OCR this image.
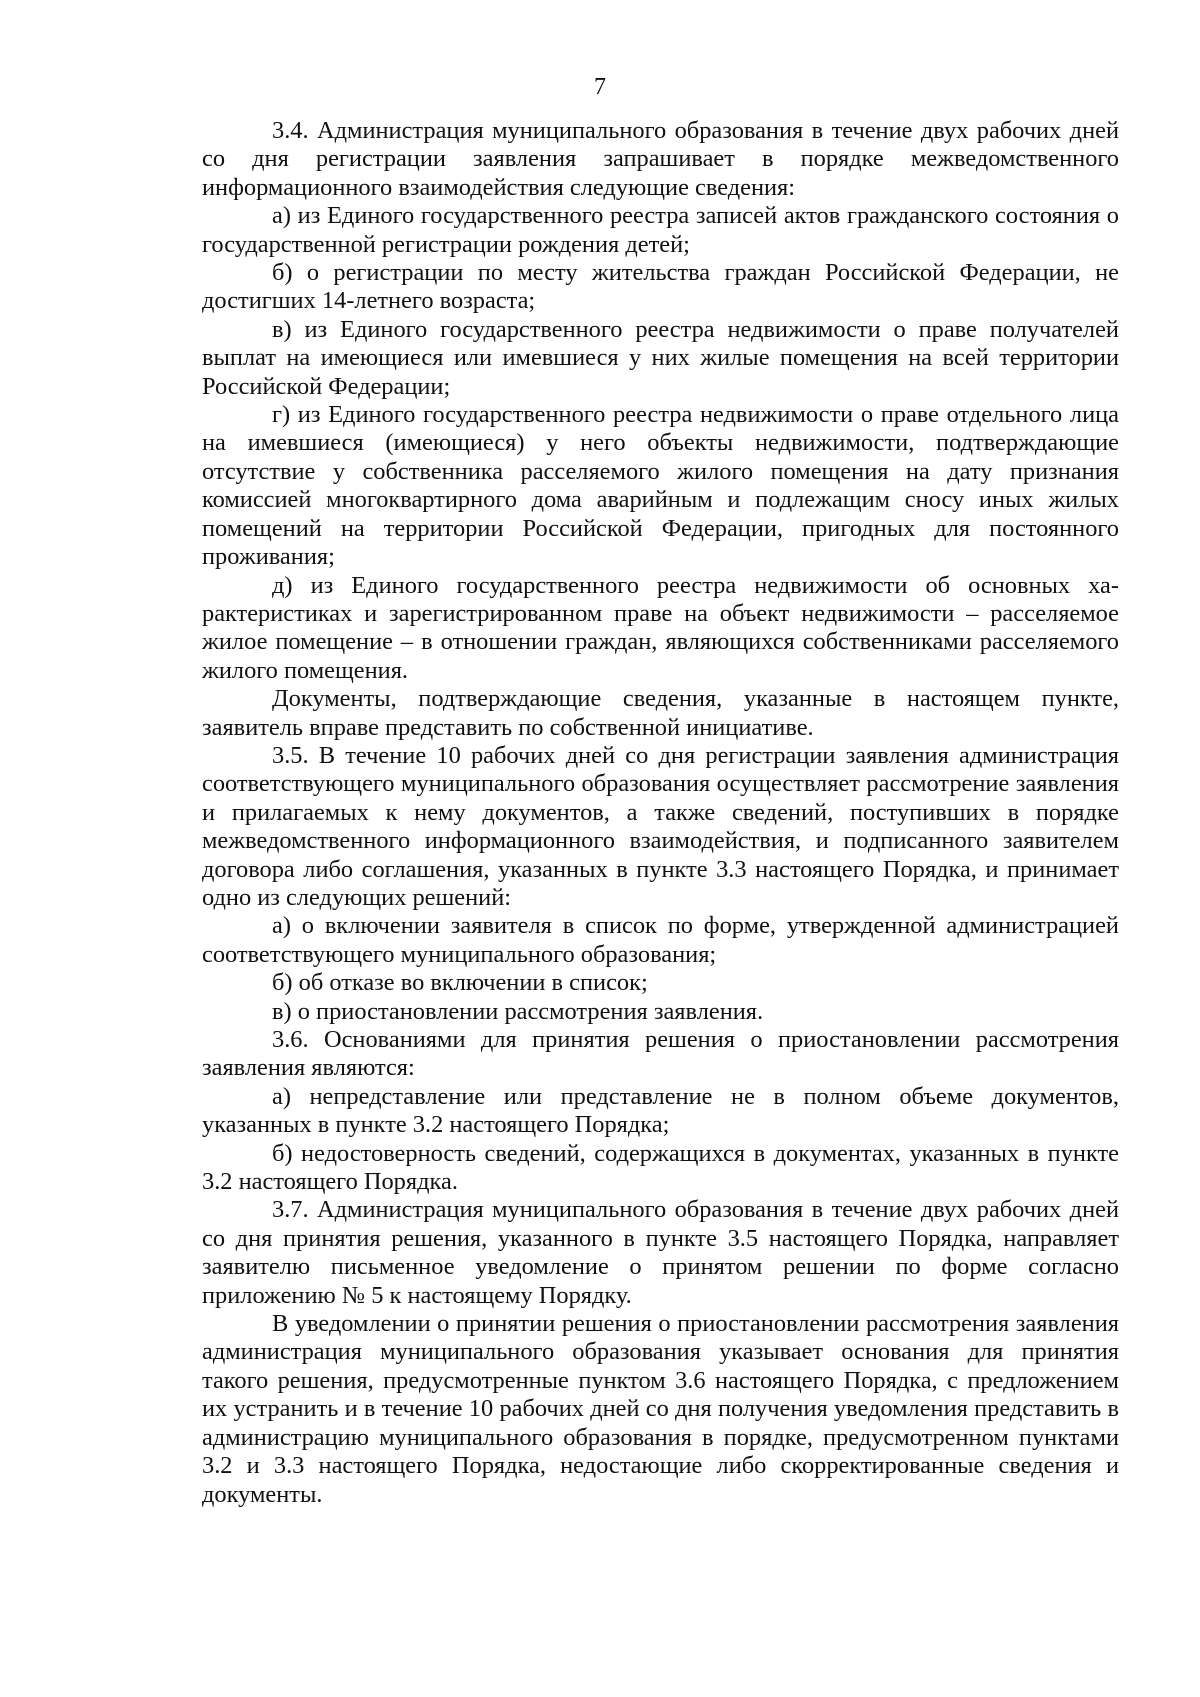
7

3.4. Администрация муниципального образования в течение двух рабочих дней со дня регистрации заявления запрашивает в порядке межведомственного информационного взаимодействия следующие сведения:

а) из Единого государственного реестра записей актов гражданского состояния о государственной регистрации рождения детей;

б) о регистрации по месту жительства граждан Российской Федерации, не достигших 14-летнего возраста;

в) из Единого государственного реестра недвижимости о праве получателей выплат на имеющиеся или имевшиеся у них жилые помещения на всей территории Российской Федерации;

г) из Единого государственного реестра недвижимости о праве отдельного лица на имевшиеся (имеющиеся) у него объекты недвижимости, подтверждающие отсутствие у собственника расселяемого жилого помещения на дату признания комиссией многоквартирного дома аварийным и подлежащим сносу иных жилых помещений на территории Российской Федерации, пригодных для постоянного проживания;

д) из Единого государственного реестра недвижимости об основных характеристиках и зарегистрированном праве на объект недвижимости – расселяемое жилое помещение – в отношении граждан, являющихся собственниками расселяемого жилого помещения.

Документы, подтверждающие сведения, указанные в настоящем пункте, заявитель вправе представить по собственной инициативе.

3.5. В течение 10 рабочих дней со дня регистрации заявления администрация соответствующего муниципального образования осуществляет рассмотрение заявления и прилагаемых к нему документов, а также сведений, поступивших в порядке межведомственного информационного взаимодействия, и подписанного заявителем договора либо соглашения, указанных в пункте 3.3 настоящего Порядка, и принимает одно из следующих решений:

а) о включении заявителя в список по форме, утвержденной администрацией соответствующего муниципального образования;

б) об отказе во включении в список;

в) о приостановлении рассмотрения заявления.

3.6. Основаниями для принятия решения о приостановлении рассмотрения заявления являются:

а) непредставление или представление не в полном объеме документов, указанных в пункте 3.2 настоящего Порядка;

б) недостоверность сведений, содержащихся в документах, указанных в пункте 3.2 настоящего Порядка.

3.7. Администрация муниципального образования в течение двух рабочих дней со дня принятия решения, указанного в пункте 3.5 настоящего Порядка, направляет заявителю письменное уведомление о принятом решении по форме согласно приложению № 5 к настоящему Порядку.

В уведомлении о принятии решения о приостановлении рассмотрения заявления администрация муниципального образования указывает основания для принятия такого решения, предусмотренные пунктом 3.6 настоящего Порядка, с предложением их устранить и в течение 10 рабочих дней со дня получения уведомления представить в администрацию муниципального образования в порядке, предусмотренном пунктами 3.2 и 3.3 настоящего Порядка, недостающие либо скорректированные сведения и документы.
